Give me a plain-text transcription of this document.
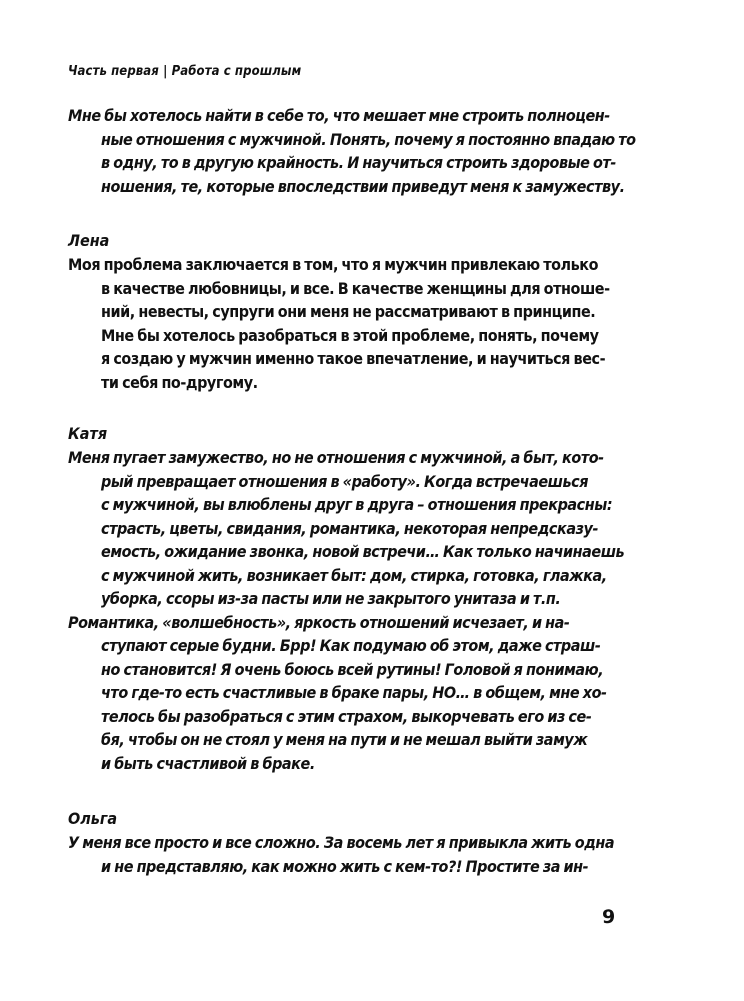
Часть первая | Работа с прошлым
Мне бы хотелось найти в себе то, что мешает мне строить полноцен-
ные отношения с мужчиной. Понять, почему я постоянно впадаю то
в одну, то в другую крайность. И научиться строить здоровые от-
ношения, те, которые впоследствии приведут меня к замужеству.
Лена
Моя проблема заключается в том, что я мужчин привлекаю только
в качестве любовницы, и все. В качестве женщины для отноше-
ний, невесты, супруги они меня не рассматривают в принципе.
Мне бы хотелось разобраться в этой проблеме, понять, почему
я создаю у мужчин именно такое впечатление, и научиться вес-
ти себя по-другому.
Катя
Меня пугает замужество, но не отношения с мужчиной, а быт, кото-
рый превращает отношения в «работу». Когда встречаешься
с мужчиной, вы влюблены друг в друга – отношения прекрасны:
страсть, цветы, свидания, романтика, некоторая непредсказу-
емость, ожидание звонка, новой встречи… Как только начинаешь
с мужчиной жить, возникает быт: дом, стирка, готовка, глажка,
уборка, ссоры из-за пасты или не закрытого унитаза и т.п.
Романтика, «волшебность», яркость отношений исчезает, и на-
ступают серые будни. Брр! Как подумаю об этом, даже страш-
но становится! Я очень боюсь всей рутины! Головой я понимаю,
что где-то есть счастливые в браке пары, НО… в общем, мне хо-
телось бы разобраться с этим страхом, выкорчевать его из се-
бя, чтобы он не стоял у меня на пути и не мешал выйти замуж
и быть счастливой в браке.
Ольга
У меня все просто и все сложно. За восемь лет я привыкла жить одна
и не представляю, как можно жить с кем-то?! Простите за ин-
9
